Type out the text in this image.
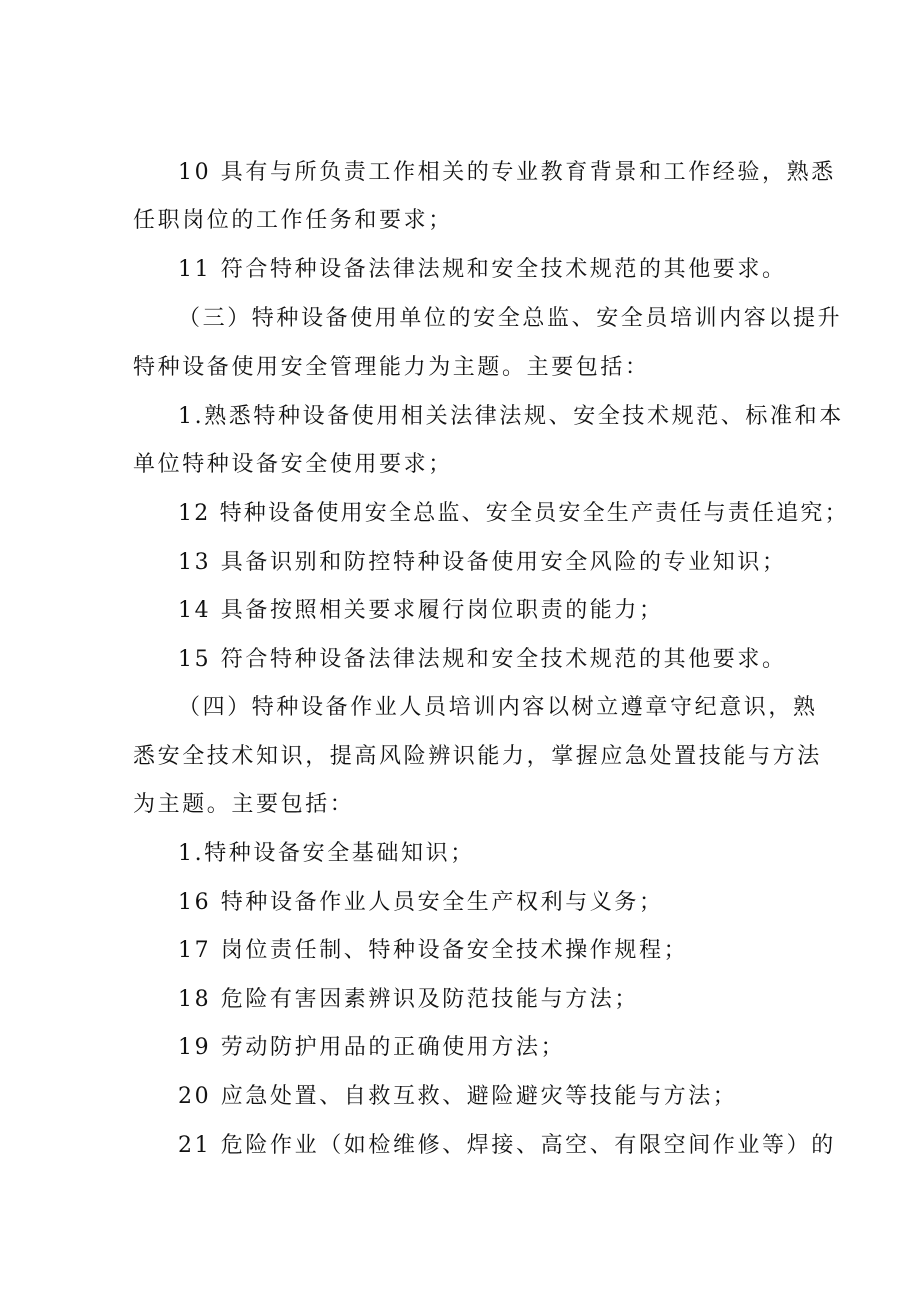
10 具有与所负责工作相关的专业教育背景和工作经验，熟悉
任职岗位的工作任务和要求；
11 符合特种设备法律法规和安全技术规范的其他要求。
（三）特种设备使用单位的安全总监、安全员培训内容以提升
特种设备使用安全管理能力为主题。主要包括：
1.熟悉特种设备使用相关法律法规、安全技术规范、标准和本
单位特种设备安全使用要求；
12 特种设备使用安全总监、安全员安全生产责任与责任追究；
13 具备识别和防控特种设备使用安全风险的专业知识；
14 具备按照相关要求履行岗位职责的能力；
15 符合特种设备法律法规和安全技术规范的其他要求。
（四）特种设备作业人员培训内容以树立遵章守纪意识，熟
悉安全技术知识，提高风险辨识能力，掌握应急处置技能与方法
为主题。主要包括：
1.特种设备安全基础知识；
16 特种设备作业人员安全生产权利与义务；
17 岗位责任制、特种设备安全技术操作规程；
18 危险有害因素辨识及防范技能与方法；
19 劳动防护用品的正确使用方法；
20 应急处置、自救互救、避险避灾等技能与方法；
21 危险作业（如检维修、焊接、高空、有限空间作业等）的
